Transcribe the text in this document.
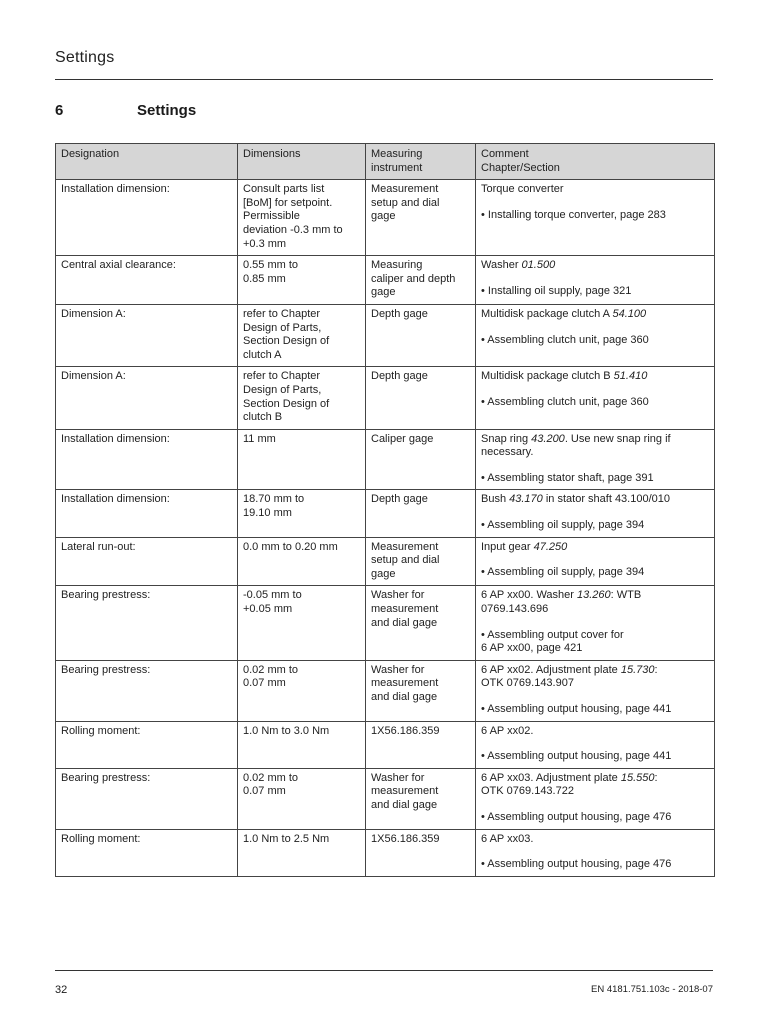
Settings
6	Settings
Designation	Dimensions	Measuring
instrument	Comment
Chapter/Section
Installation dimension:	Consult parts list
[BoM] for setpoint.
Permissible
deviation -0.3 mm to
+0.3 mm	Measurement
setup and dial
gage	Torque converter
• Installing torque converter, page 283

Central axial clearance:	0.55 mm to
0.85 mm	Measuring
caliper and depth
gage	Washer 01.500
• Installing oil supply, page 321

Dimension A:	refer to Chapter
Design of Parts,
Section Design of
clutch A	Depth gage	Multidisk package clutch A 54.100
• Assembling clutch unit, page 360

Dimension A:	refer to Chapter
Design of Parts,
Section Design of
clutch B	Depth gage	Multidisk package clutch B 51.410
• Assembling clutch unit, page 360

Installation dimension:	11 mm	Caliper gage	Snap ring 43.200. Use new snap ring if
necessary.
• Assembling stator shaft, page 391

Installation dimension:	18.70 mm to
19.10 mm	Depth gage	Bush 43.170 in stator shaft 43.100/010
• Assembling oil supply, page 394

Lateral run-out:	0.0 mm to 0.20 mm	Measurement
setup and dial
gage	Input gear 47.250
• Assembling oil supply, page 394

Bearing prestress:	-0.05 mm to
+0.05 mm	Washer for
measurement
and dial gage	6 AP xx00. Washer 13.260: WTB
0769.143.696
• Assembling output cover for
6 AP xx00, page 421

Bearing prestress:	0.02 mm to
0.07 mm	Washer for
measurement
and dial gage	6 AP xx02. Adjustment plate 15.730:
OTK 0769.143.907
• Assembling output housing, page 441

Rolling moment:	1.0 Nm to 3.0 Nm	1X56.186.359	6 AP xx02.
• Assembling output housing, page 441

Bearing prestress:	0.02 mm to
0.07 mm	Washer for
measurement
and dial gage	6 AP xx03. Adjustment plate 15.550:
OTK 0769.143.722
• Assembling output housing, page 476

Rolling moment:	1.0 Nm to 2.5 Nm	1X56.186.359	6 AP xx03.
• Assembling output housing, page 476
32	EN 4181.751.103c - 2018-07
